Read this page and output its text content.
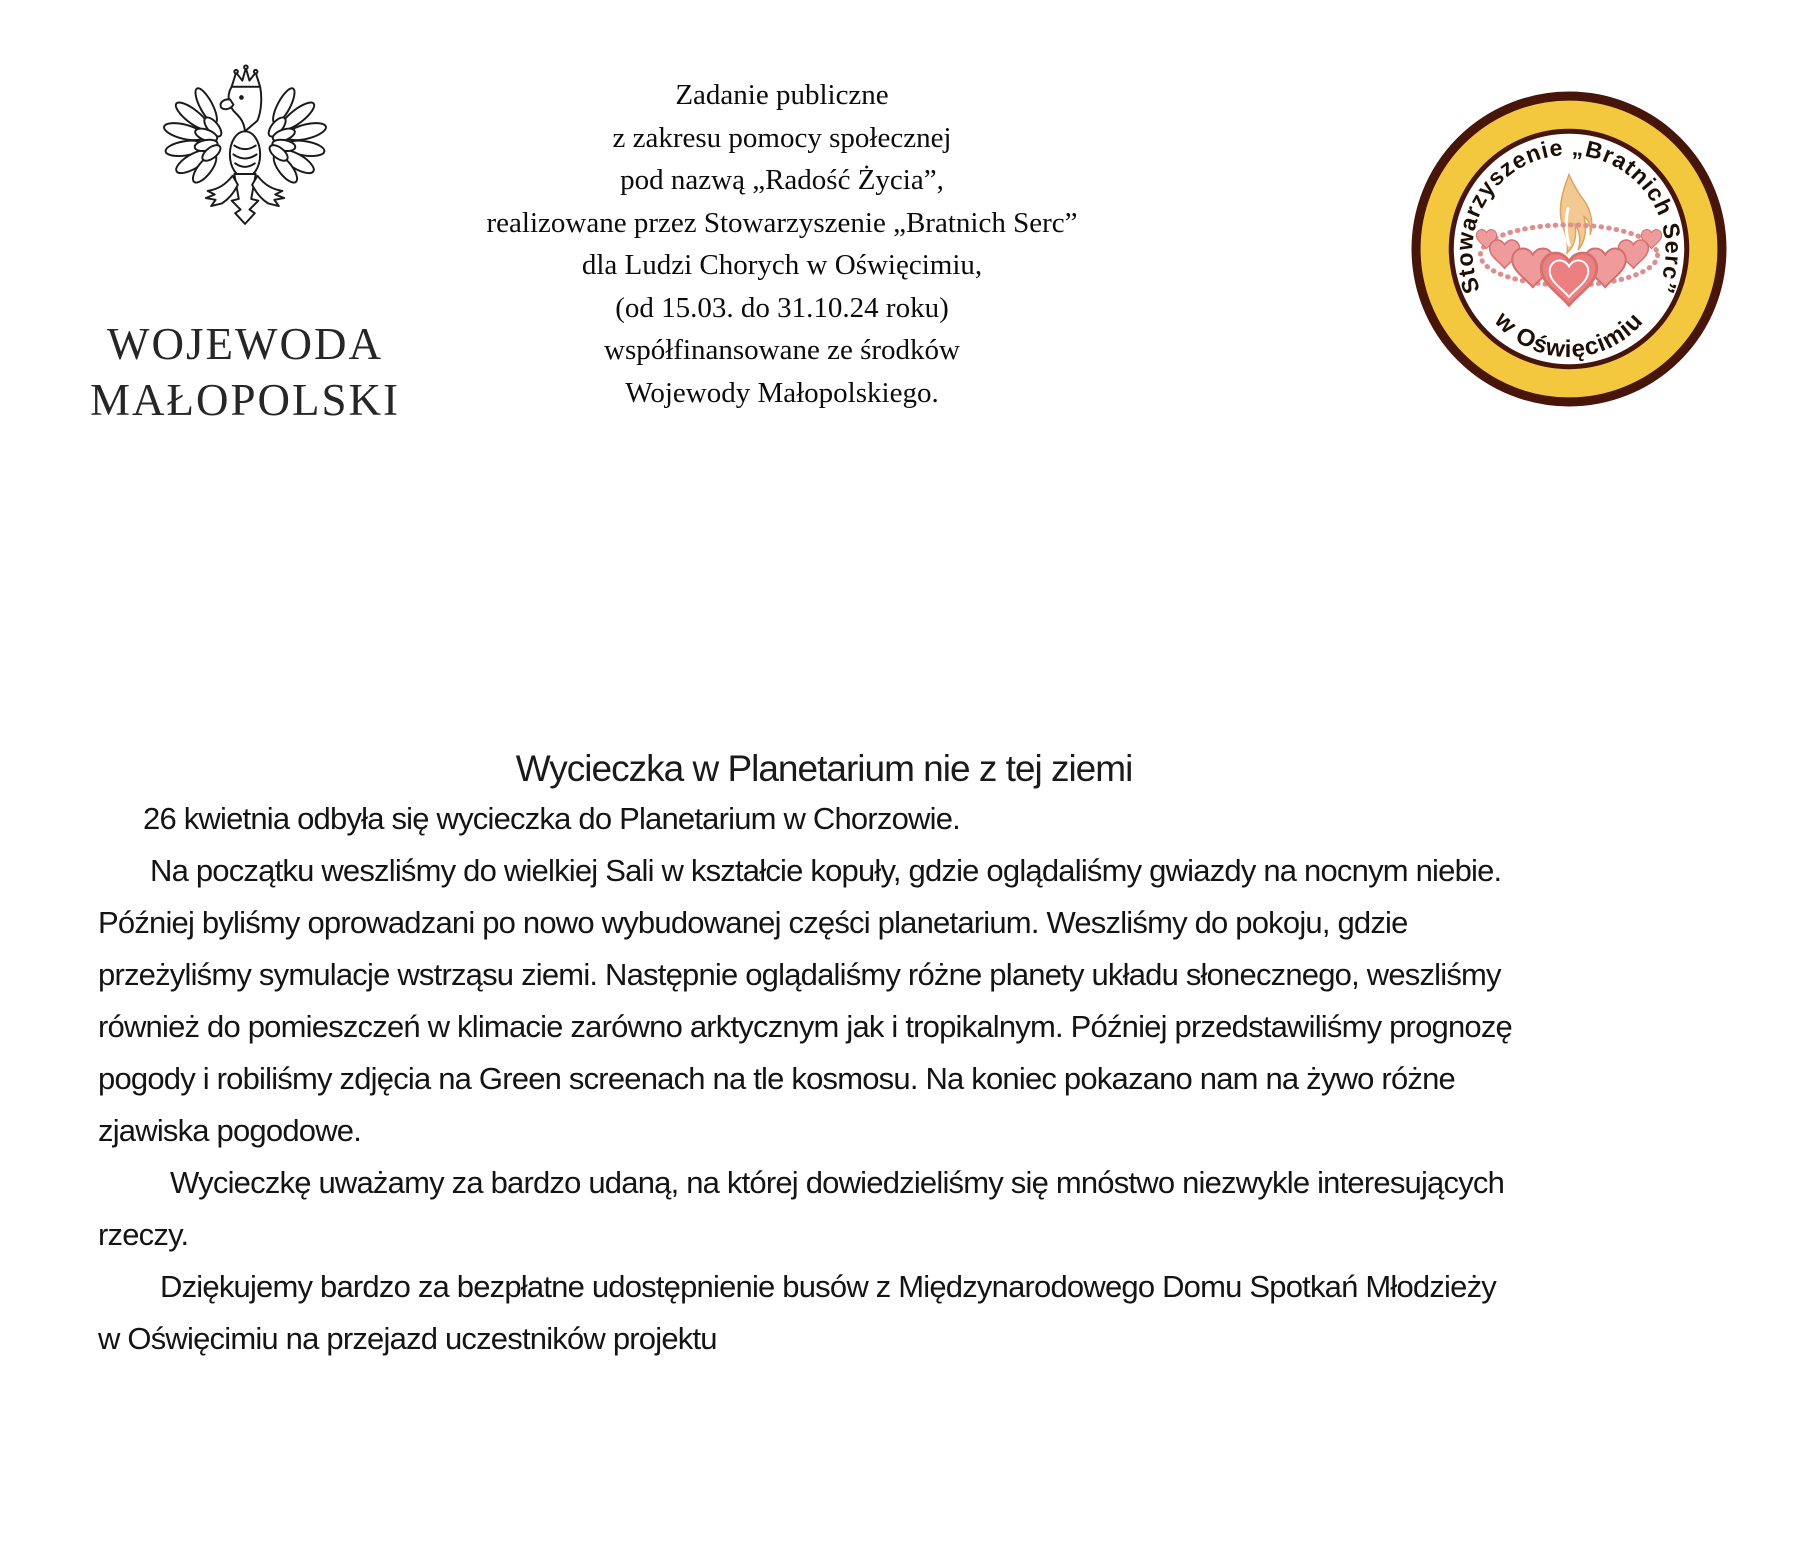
WOJEWODA
MAŁOPOLSKI
Zadanie publiczne
z zakresu pomocy społecznej
pod nazwą „Radość Życia”,
realizowane przez Stowarzyszenie „Bratnich Serc”
dla Ludzi Chorych w Oświęcimiu,
(od 15.03. do 31.10.24 roku)
współfinansowane ze środków
Wojewody Małopolskiego.
Stowarzyszenie „Bratnich Serc”
w Oświęcimiu
Wycieczka w Planetarium nie z tej ziemi

26 kwietnia odbyła się wycieczka do Planetarium w Chorzowie.

Na początku weszliśmy do wielkiej Sali w kształcie kopuły, gdzie oglądaliśmy gwiazdy na nocnym niebie. Później byliśmy oprowadzani po nowo wybudowanej części planetarium. Weszliśmy do pokoju, gdzie przeżyliśmy symulacje wstrząsu ziemi. Następnie oglądaliśmy różne planety układu słonecznego, weszliśmy również do pomieszczeń w klimacie zarówno arktycznym jak i tropikalnym. Później przedstawiliśmy prognozę pogody i robiliśmy zdjęcia na Green screenach na tle kosmosu. Na koniec pokazano nam na żywo różne zjawiska pogodowe.

Wycieczkę uważamy za bardzo udaną, na której dowiedzieliśmy się mnóstwo niezwykle interesujących rzeczy.

Dziękujemy bardzo za bezpłatne udostępnienie busów z Międzynarodowego Domu Spotkań Młodzieży w Oświęcimiu na przejazd uczestników projektu
